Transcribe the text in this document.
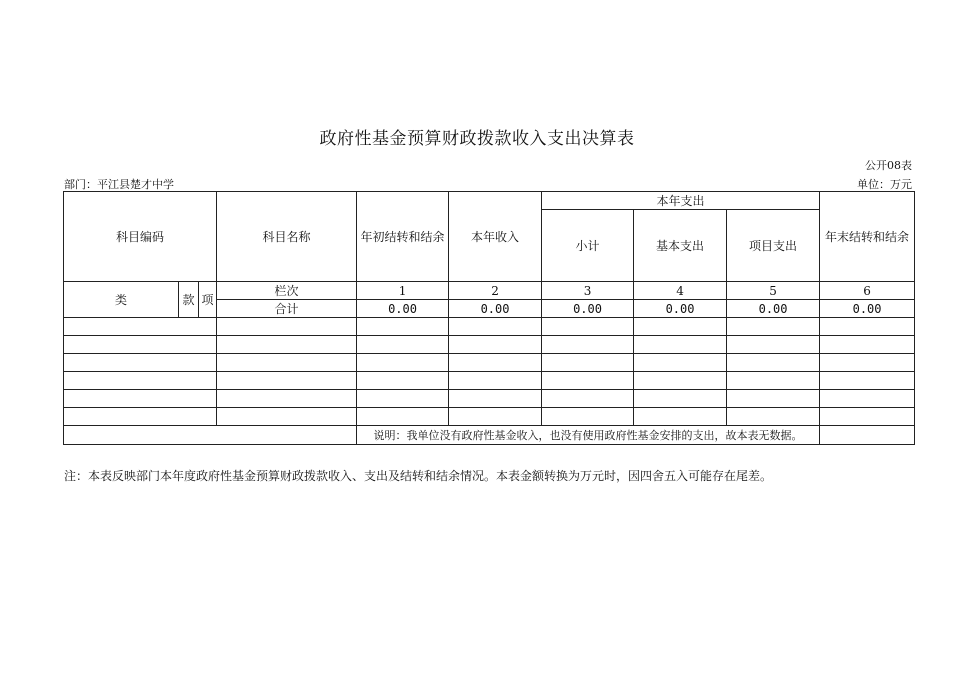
政府性基金预算财政拨款收入支出决算表
公开08表
部门：平江县楚才中学	单位：万元
科目编码			科目名称	年初结转和结余	本年收入	本年支出			年末结转和结余
						小计	基本支出	项目支出	
类	款	项	栏次	1	2	3	4	5	6
			合计	0.00	0.00	0.00	0.00	0.00	0.00

				说明：我单位没有政府性基金收入，也没有使用政府性基金安排的支出，故本表无数据。					
注：本表反映部门本年度政府性基金预算财政拨款收入、支出及结转和结余情况。本表金额转换为万元时，因四舍五入可能存在尾差。
